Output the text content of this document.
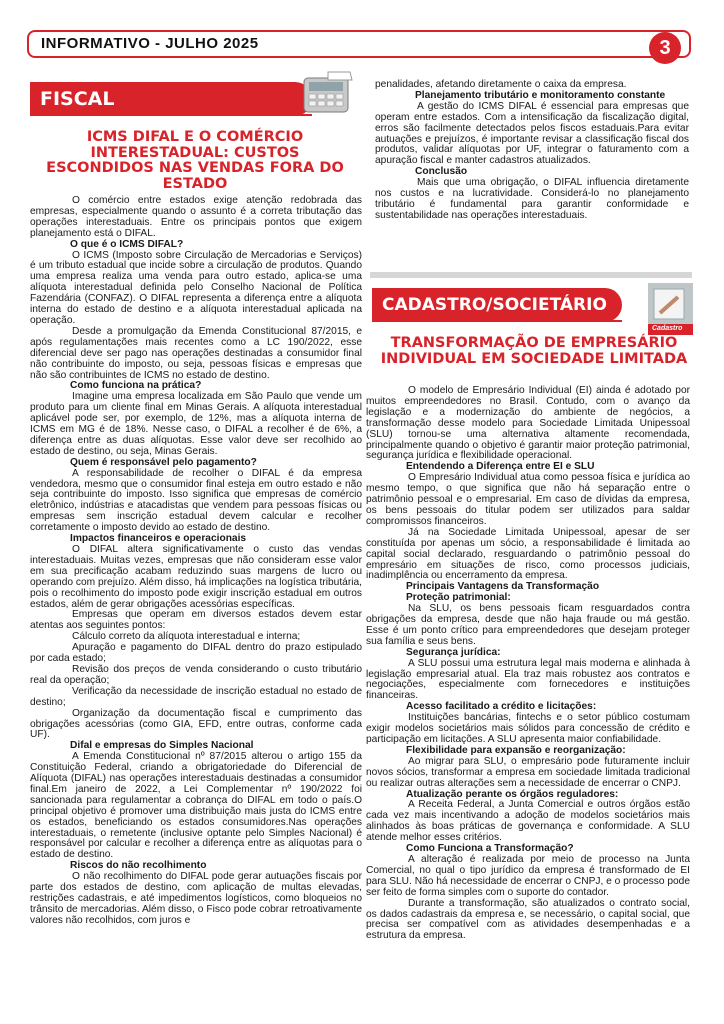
INFORMATIVO - JULHO 2025	3
FISCAL
ICMS DIFAL E O COMÉRCIO INTERESTADUAL: CUSTOS ESCONDIDOS NAS VENDAS FORA DO ESTADO

O comércio entre estados exige atenção redobrada das empresas, especialmente quando o assunto é a correta tributação das operações interestaduais. Entre os principais pontos que exigem planejamento está o DIFAL.

O que é o ICMS DIFAL?

O ICMS (Imposto sobre Circulação de Mercadorias e Serviços) é um tributo estadual que incide sobre a circulação de produtos. Quando uma empresa realiza uma venda para outro estado, aplica-se uma alíquota interestadual definida pelo Conselho Nacional de Política Fazendária (CONFAZ). O DIFAL representa a diferença entre a alíquota interna do estado de destino e a alíquota interestadual aplicada na operação.

Desde a promulgação da Emenda Constitucional 87/2015, e após regulamentações mais recentes como a LC 190/2022, esse diferencial deve ser pago nas operações destinadas a consumidor final não contribuinte do imposto, ou seja, pessoas físicas e empresas que não são contribuintes de ICMS no estado de destino.

Como funciona na prática?

Imagine uma empresa localizada em São Paulo que vende um produto para um cliente final em Minas Gerais. A alíquota interestadual aplicável pode ser, por exemplo, de 12%, mas a alíquota interna de ICMS em MG é de 18%. Nesse caso, o DIFAL a recolher é de 6%, a diferença entre as duas alíquotas. Esse valor deve ser recolhido ao estado de destino, ou seja, Minas Gerais.

Quem é responsável pelo pagamento?

A responsabilidade de recolher o DIFAL é da empresa vendedora, mesmo que o consumidor final esteja em outro estado e não seja contribuinte do imposto. Isso significa que empresas de comércio eletrônico, indústrias e atacadistas que vendem para pessoas físicas ou empresas sem inscrição estadual devem calcular e recolher corretamente o imposto devido ao estado de destino.

Impactos financeiros e operacionais

O DIFAL altera significativamente o custo das vendas interestaduais. Muitas vezes, empresas que não consideram esse valor em sua precificação acabam reduzindo suas margens de lucro ou operando com prejuízo. Além disso, há implicações na logística tributária, pois o recolhimento do imposto pode exigir inscrição estadual em outros estados, além de gerar obrigações acessórias específicas.

Empresas que operam em diversos estados devem estar atentas aos seguintes pontos:

Cálculo correto da alíquota interestadual e interna;

Apuração e pagamento do DIFAL dentro do prazo estipulado por cada estado;

Revisão dos preços de venda considerando o custo tributário real da operação;

Verificação da necessidade de inscrição estadual no estado de destino;

Organização da documentação fiscal e cumprimento das obrigações acessórias (como GIA, EFD, entre outras, conforme cada UF).

Difal e empresas do Simples Nacional

A Emenda Constitucional nº 87/2015 alterou o artigo 155 da Constituição Federal, criando a obrigatoriedade do Diferencial de Alíquota (DIFAL) nas operações interestaduais destinadas a consumidor final.Em janeiro de 2022, a Lei Complementar nº 190/2022 foi sancionada para regulamentar a cobrança do DIFAL em todo o país.O principal objetivo é promover uma distribuição mais justa do ICMS entre os estados, beneficiando os estados consumidores.Nas operações interestaduais, o remetente (inclusive optante pelo Simples Nacional) é responsável por calcular e recolher a diferença entre as alíquotas para o estado de destino.

Riscos do não recolhimento

O não recolhimento do DIFAL pode gerar autuações fiscais por parte dos estados de destino, com aplicação de multas elevadas, restrições cadastrais, e até impedimentos logísticos, como bloqueios no trânsito de mercadorias. Além disso, o Fisco pode cobrar retroativamente valores não recolhidos, com juros e

penalidades, afetando diretamente o caixa da empresa.

Planejamento tributário e monitoramento constante

A gestão do ICMS DIFAL é essencial para empresas que operam entre estados. Com a intensificação da fiscalização digital, erros são facilmente detectados pelos fiscos estaduais.Para evitar autuações e prejuízos, é importante revisar a classificação fiscal dos produtos, validar alíquotas por UF, integrar o faturamento com a apuração fiscal e manter cadastros atualizados.

Conclusão

Mais que uma obrigação, o DIFAL influencia diretamente nos custos e na lucratividade. Considerá-lo no planejamento tributário é fundamental para garantir conformidade e sustentabilidade nas operações interestaduais.

CADASTRO/SOCIETÁRIO
Cadastro
TRANSFORMAÇÃO DE EMPRESÁRIO INDIVIDUAL EM SOCIEDADE LIMITADA

O modelo de Empresário Individual (EI) ainda é adotado por muitos empreendedores no Brasil. Contudo, com o avanço da legislação e a modernização do ambiente de negócios, a transformação desse modelo para Sociedade Limitada Unipessoal (SLU) tornou-se uma alternativa altamente recomendada, principalmente quando o objetivo é garantir maior proteção patrimonial, segurança jurídica e flexibilidade operacional.

Entendendo a Diferença entre EI e SLU

O Empresário Individual atua como pessoa física e jurídica ao mesmo tempo, o que significa que não há separação entre o patrimônio pessoal e o empresarial. Em caso de dívidas da empresa, os bens pessoais do titular podem ser utilizados para saldar compromissos financeiros.

Já na Sociedade Limitada Unipessoal, apesar de ser constituída por apenas um sócio, a responsabilidade é limitada ao capital social declarado, resguardando o patrimônio pessoal do empresário em situações de risco, como processos judiciais, inadimplência ou encerramento da empresa.

Principais Vantagens da Transformação

Proteção patrimonial:

Na SLU, os bens pessoais ficam resguardados contra obrigações da empresa, desde que não haja fraude ou má gestão. Esse é um ponto crítico para empreendedores que desejam proteger sua família e seus bens.

Segurança jurídica:

A SLU possui uma estrutura legal mais moderna e alinhada à legislação empresarial atual. Ela traz mais robustez aos contratos e negociações, especialmente com fornecedores e instituições financeiras.

Acesso facilitado a crédito e licitações:

Instituições bancárias, fintechs e o setor público costumam exigir modelos societários mais sólidos para concessão de crédito e participação em licitações. A SLU apresenta maior confiabilidade.

Flexibilidade para expansão e reorganização:

Ao migrar para SLU, o empresário pode futuramente incluir novos sócios, transformar a empresa em sociedade limitada tradicional ou realizar outras alterações sem a necessidade de encerrar o CNPJ.

Atualização perante os órgãos reguladores:

A Receita Federal, a Junta Comercial e outros órgãos estão cada vez mais incentivando a adoção de modelos societários mais alinhados às boas práticas de governança e conformidade. A SLU atende melhor esses critérios.

Como Funciona a Transformação?

A alteração é realizada por meio de processo na Junta Comercial, no qual o tipo jurídico da empresa é transformado de EI para SLU. Não há necessidade de encerrar o CNPJ, e o processo pode ser feito de forma simples com o suporte do contador.

Durante a transformação, são atualizados o contrato social, os dados cadastrais da empresa e, se necessário, o capital social, que precisa ser compatível com as atividades desempenhadas e a estrutura da empresa.
